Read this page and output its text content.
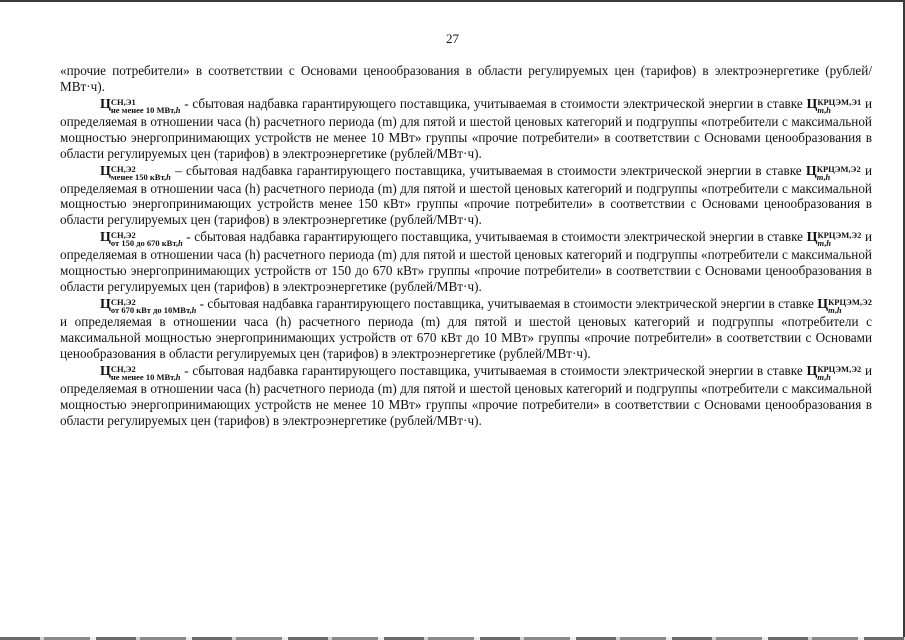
27

«прочие потребители» в соответствии с Основами ценообразования в области регулируемых цен (тарифов) в электроэнергетике (рублей/МВт·ч).

Ц СН,Э1
не менее 10 МВт,h - сбытовая надбавка гарантирующего поставщика, учитываемая в стоимости электрической энергии в ставке Ц КРЦЭМ,Э1
m,h	и определяемая в отношении часа (h) расчетного периода (m) для пятой и шестой ценовых категорий и подгруппы «потребители с максимальной мощностью энергопринимающих устройств не менее 10 МВт» группы «прочие потребители» в соответствии с Основами ценообразования в области регулируемых цен (тарифов) в электроэнергетике (рублей/МВт·ч).

Ц СН,Э2
менее 150 кВт,h – сбытовая надбавка гарантирующего поставщика, учитываемая в стоимости электрической энергии в ставке Ц КРЦЭМ,Э2
m,h	и определяемая в отношении часа (h) расчетного периода (m) для пятой и шестой ценовых категорий и подгруппы «потребители с максимальной мощностью энергопринимающих устройств менее 150 кВт» группы «прочие потребители» в соответствии с Основами ценообразования в области регулируемых цен (тарифов) в электроэнергетике (рублей/МВт·ч).

Ц СН,Э2
от 150 до 670 кВт,h - сбытовая надбавка гарантирующего поставщика, учитываемая в стоимости электрической энергии в ставке Ц КРЦЭМ,Э2
m,h	и определяемая в отношении часа (h) расчетного периода (m) для пятой и шестой ценовых категорий и подгруппы «потребители с максимальной мощностью энергопринимающих устройств от 150 до 670 кВт» группы «прочие потребители» в соответствии с Основами ценообразования в области регулируемых цен (тарифов) в электроэнергетике (рублей/МВт·ч).

Ц СН,Э2
от 670 кВт до 10МВт,h - сбытовая надбавка гарантирующего поставщика, учитываемая в стоимости электрической энергии в ставке Ц КРЦЭМ,Э2
m,h
и определяемая в отношении часа (h) расчетного периода (m) для пятой и шестой ценовых категорий и подгруппы «потребители с максимальной мощностью энергопринимающих устройств от 670 кВт до 10 МВт» группы «прочие потребители» в соответствии с Основами ценообразования в области регулируемых цен (тарифов) в электроэнергетике (рублей/МВт·ч).

Ц СН,Э2
не менее 10 МВт,h - сбытовая надбавка гарантирующего поставщика, учитываемая в стоимости электрической энергии в ставке Ц КРЦЭМ,Э2
m,h	и определяемая в отношении часа (h) расчетного периода (m) для пятой и шестой ценовых категорий и подгруппы «потребители с максимальной мощностью энергопринимающих устройств не менее 10 МВт» группы «прочие потребители» в соответствии с Основами ценообразования в области регулируемых цен (тарифов) в электроэнергетике (рублей/МВт·ч).
